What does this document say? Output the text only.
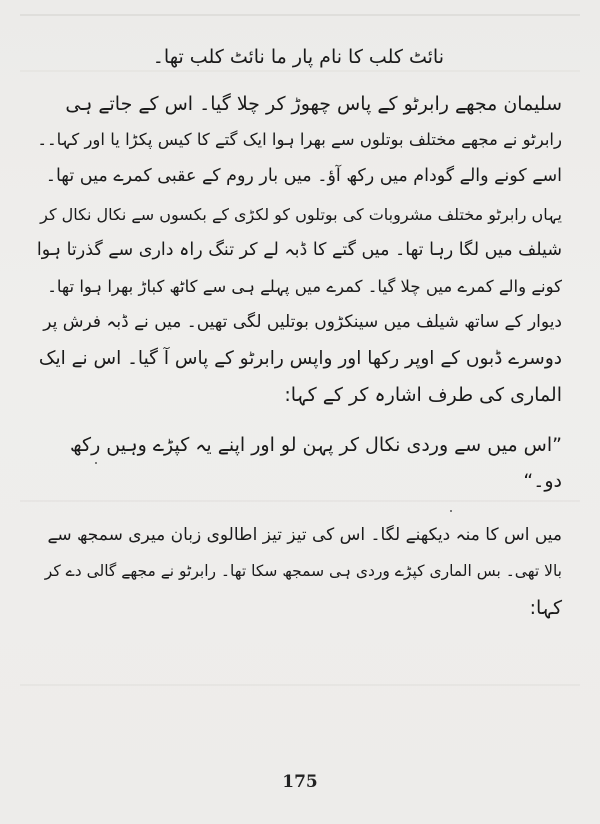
نائٹ کلب کا نام پار ما نائٹ کلب تھا۔
سلیمان مجھے رابرٹو کے پاس چھوڑ کر چلا گیا۔ اس کے جاتے ہی
رابرٹو نے مجھے مختلف بوتلوں سے بھرا ہوا ایک گتے کا کیس پکڑا یا اور کہا۔۔
اسے کونے والے گودام میں رکھ آؤ۔ میں بار روم کے عقبی کمرے میں تھا۔
یہاں رابرٹو مختلف مشروبات کی بوتلوں کو لکڑی کے بکسوں سے نکال نکال کر
شیلف میں لگا رہا تھا۔ میں گتے کا ڈبہ لے کر تنگ راہ داری سے گذرتا ہوا
کونے والے کمرے میں چلا گیا۔ کمرے میں پہلے ہی سے کاٹھ کباڑ بھرا ہوا تھا۔
دیوار کے ساتھ شیلف میں سینکڑوں بوتلیں لگی تھیں۔ میں نے ڈبہ فرش پر
دوسرے ڈبوں کے اوپر رکھا اور واپس رابرٹو کے پاس آ گیا۔ اس نے ایک
الماری کی طرف اشارہ کر کے کہا:
”اس میں سے وردی نکال کر پہن لو اور اپنے یہ کپڑے وہیں رکھ
دو۔“
میں اس کا منہ دیکھنے لگا۔ اس کی تیز تیز اطالوی زبان میری سمجھ سے
بالا تھی۔ بس الماری کپڑے وردی ہی سمجھ سکا تھا۔ رابرٹو نے مجھے گالی دے کر
کہا:
175
